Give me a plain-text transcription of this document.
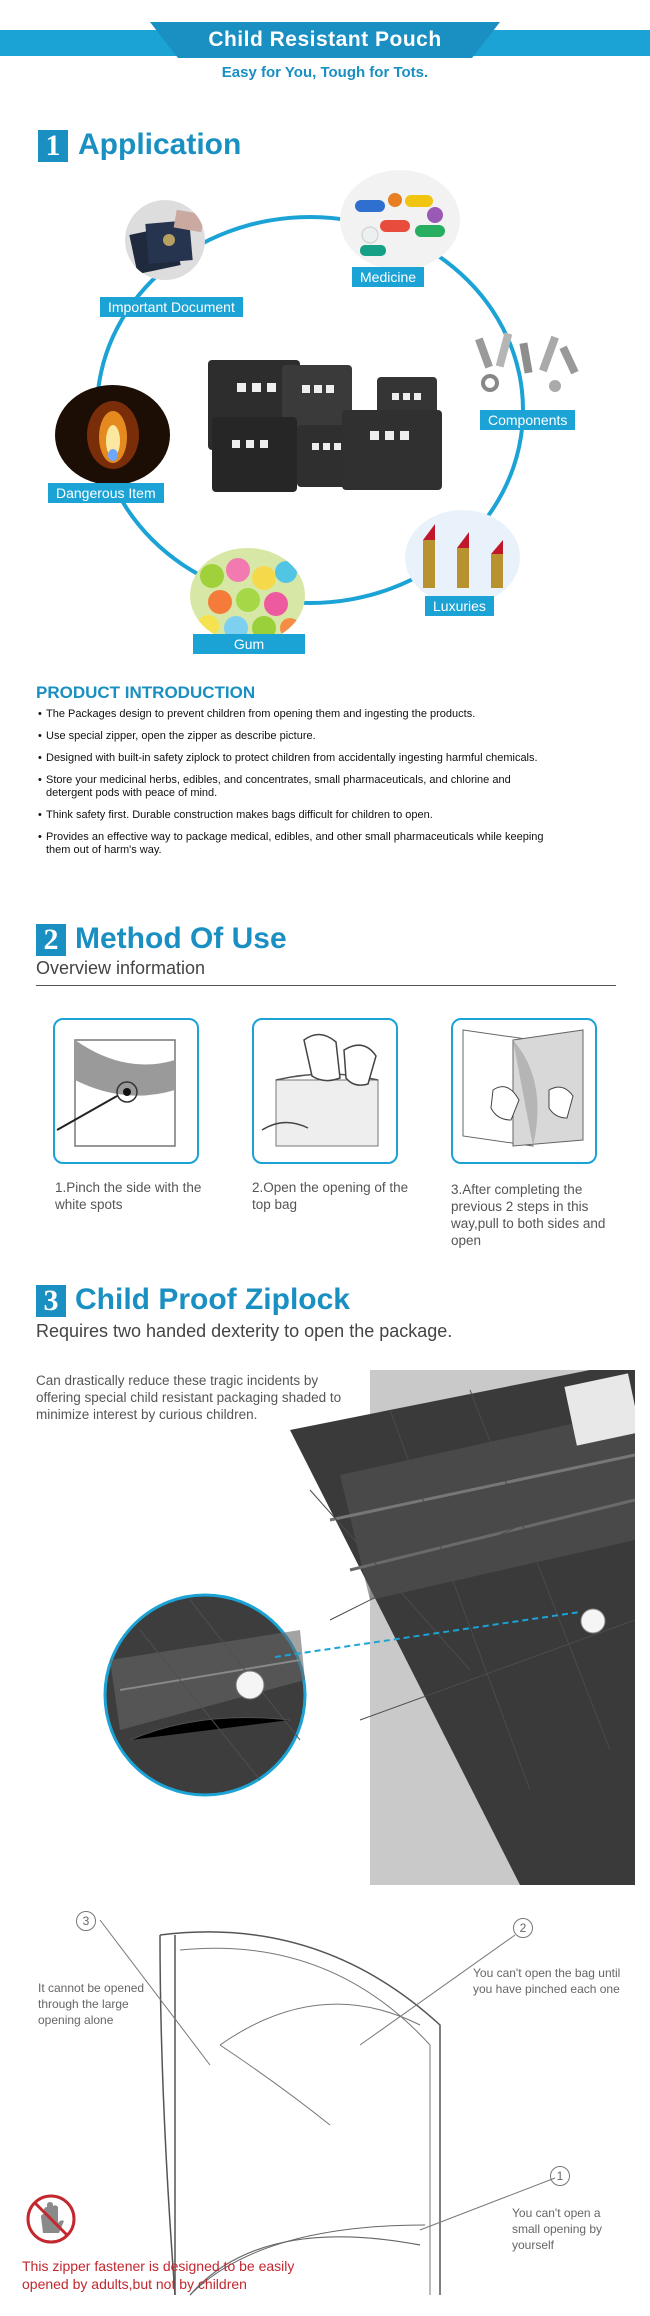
Child Resistant Pouch
Easy for You, Tough for Tots.
1 Application
Important Document
Medicine
Components
Dangerous Item
Luxuries
Gum
PRODUCT INTRODUCTION
• The Packages design to prevent children from opening them and ingesting the products.
• Use special zipper, open the zipper as describe picture.
• Designed with built-in safety ziplock to protect children from accidentally ingesting harmful chemicals.
• Store your medicinal herbs, edibles, and concentrates, small pharmaceuticals, and chlorine and detergent pods with peace of mind.
• Think safety first. Durable construction makes bags difficult for children to open.
• Provides an effective way to package medical, edibles, and other small pharmaceuticals while keeping them out of harm's way.
2 Method Of Use
Overview information
1.Pinch the side with the white spots
2.Open the opening of the top bag
3.After completing the previous 2 steps in this way,pull to both sides and open
3 Child Proof Ziplock
Requires two handed dexterity to open the package.
Can drastically reduce these tragic incidents by offering special child resistant packaging shaded to minimize interest by curious children.
3	2
1
It cannot be opened through the large opening alone
You can't open the bag until you have pinched each one
You can't open a small opening by yourself
This zipper fastener is designed to be easily opened by adults,but not by children
